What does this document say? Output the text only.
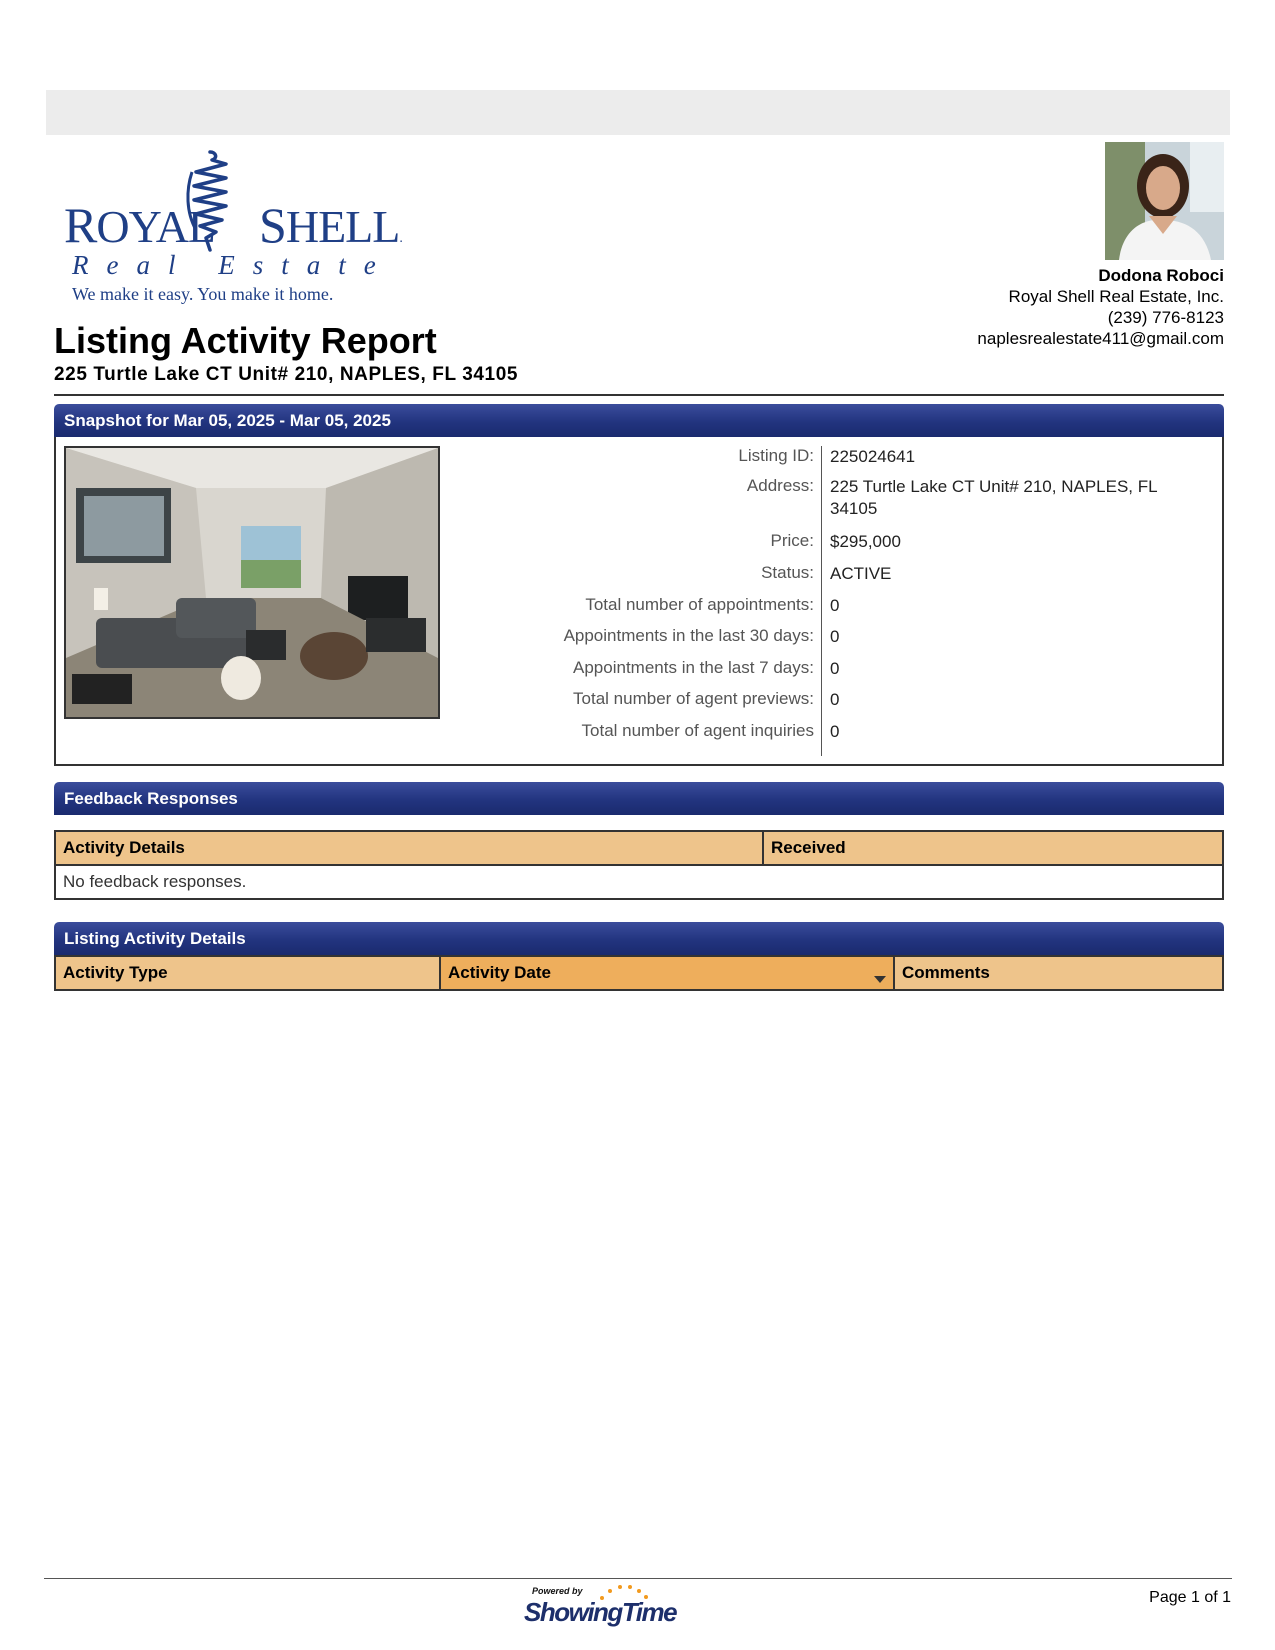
ROYAL SHELL.
Real Estate
We make it easy. You make it home.
Dodona Roboci
Royal Shell Real Estate, Inc.
(239) 776-8123
naplesrealestate411@gmail.com
Listing Activity Report
225 Turtle Lake CT Unit# 210, NAPLES, FL 34105
Snapshot for Mar 05, 2025 - Mar 05, 2025
Listing ID: 225024641
Address: 225 Turtle Lake CT Unit# 210, NAPLES, FL 34105
Price: $295,000
Status: ACTIVE
Total number of appointments: 0
Appointments in the last 30 days: 0
Appointments in the last 7 days: 0
Total number of agent previews: 0
Total number of agent inquiries 0
Feedback Responses
Activity Details	Received
No feedback responses.
Listing Activity Details
Activity Type	Activity Date	Comments
Powered by
ShowingTime	Page 1 of 1
